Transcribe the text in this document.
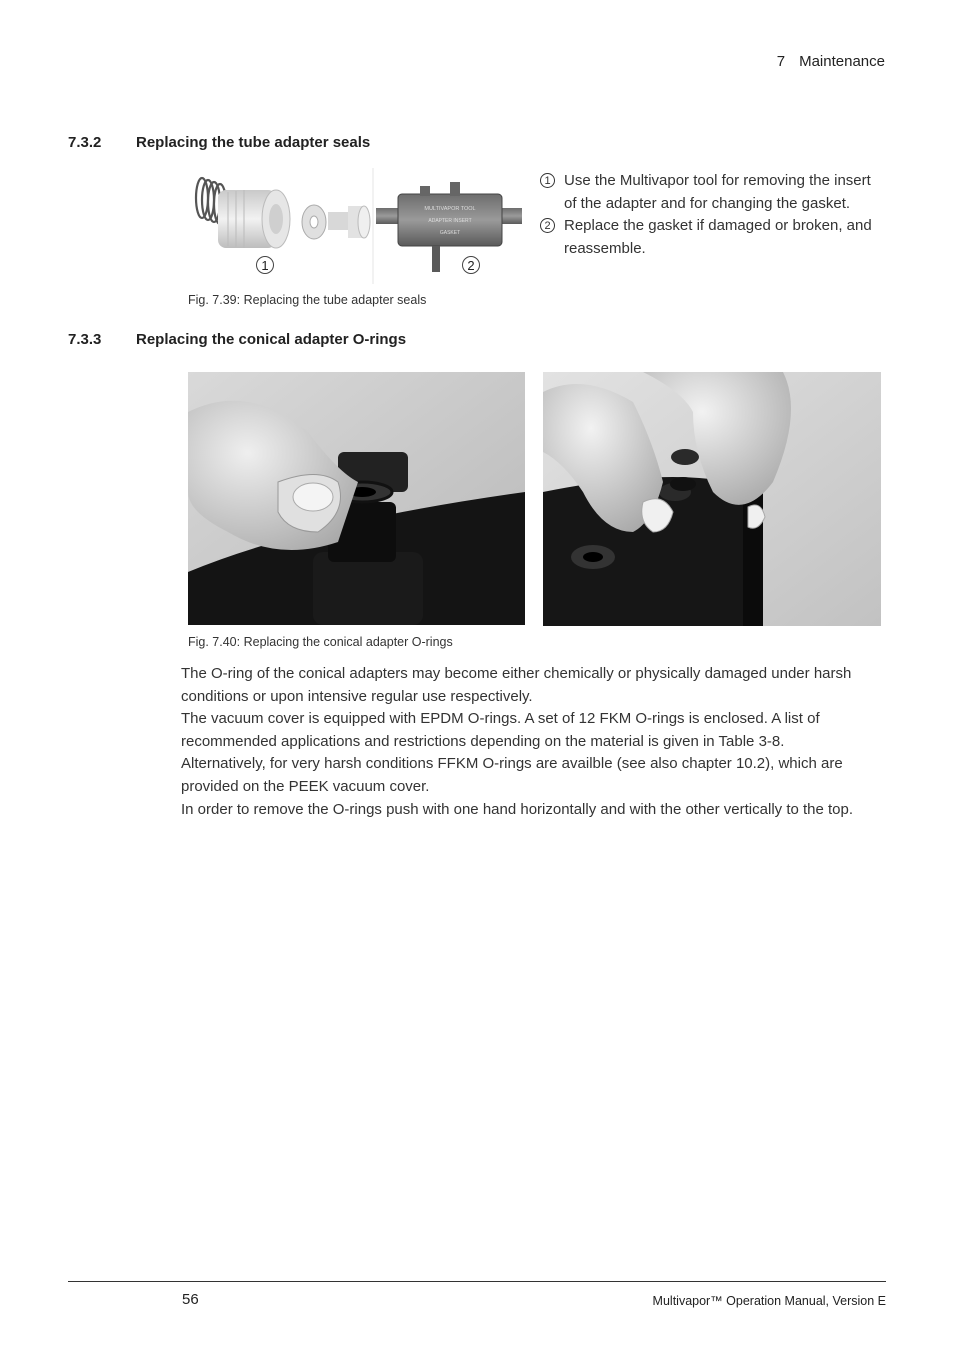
7 Maintenance
7.3.2 Replacing the tube adapter seals
MULTIVAPOR TOOL
ADAPTER INSERT
GASKET
1	2
Fig. 7.39: Replacing the tube adapter seals
1 Use the Multivapor tool for removing the insert of the adapter and for changing the gasket.
2 Replace the gasket if damaged or broken, and reassemble.
7.3.3 Replacing the conical adapter O-rings
Fig. 7.40: Replacing the conical adapter O-rings

The O-ring of the conical adapters may become either chemically or physically damaged under harsh conditions or upon intensive regular use respectively.

The vacuum cover is equipped with EPDM O-rings. A set of 12 FKM O-rings is enclosed. A list of recommended applications and restrictions depending on the material is given in Table 3-8.

Alternatively, for very harsh conditions FFKM O-rings are availble (see also chapter 10.2), which are provided on the PEEK vacuum cover.

In order to remove the O-rings push with one hand horizontally and with the other vertically to the top.

56	Multivapor™ Operation Manual, Version E
